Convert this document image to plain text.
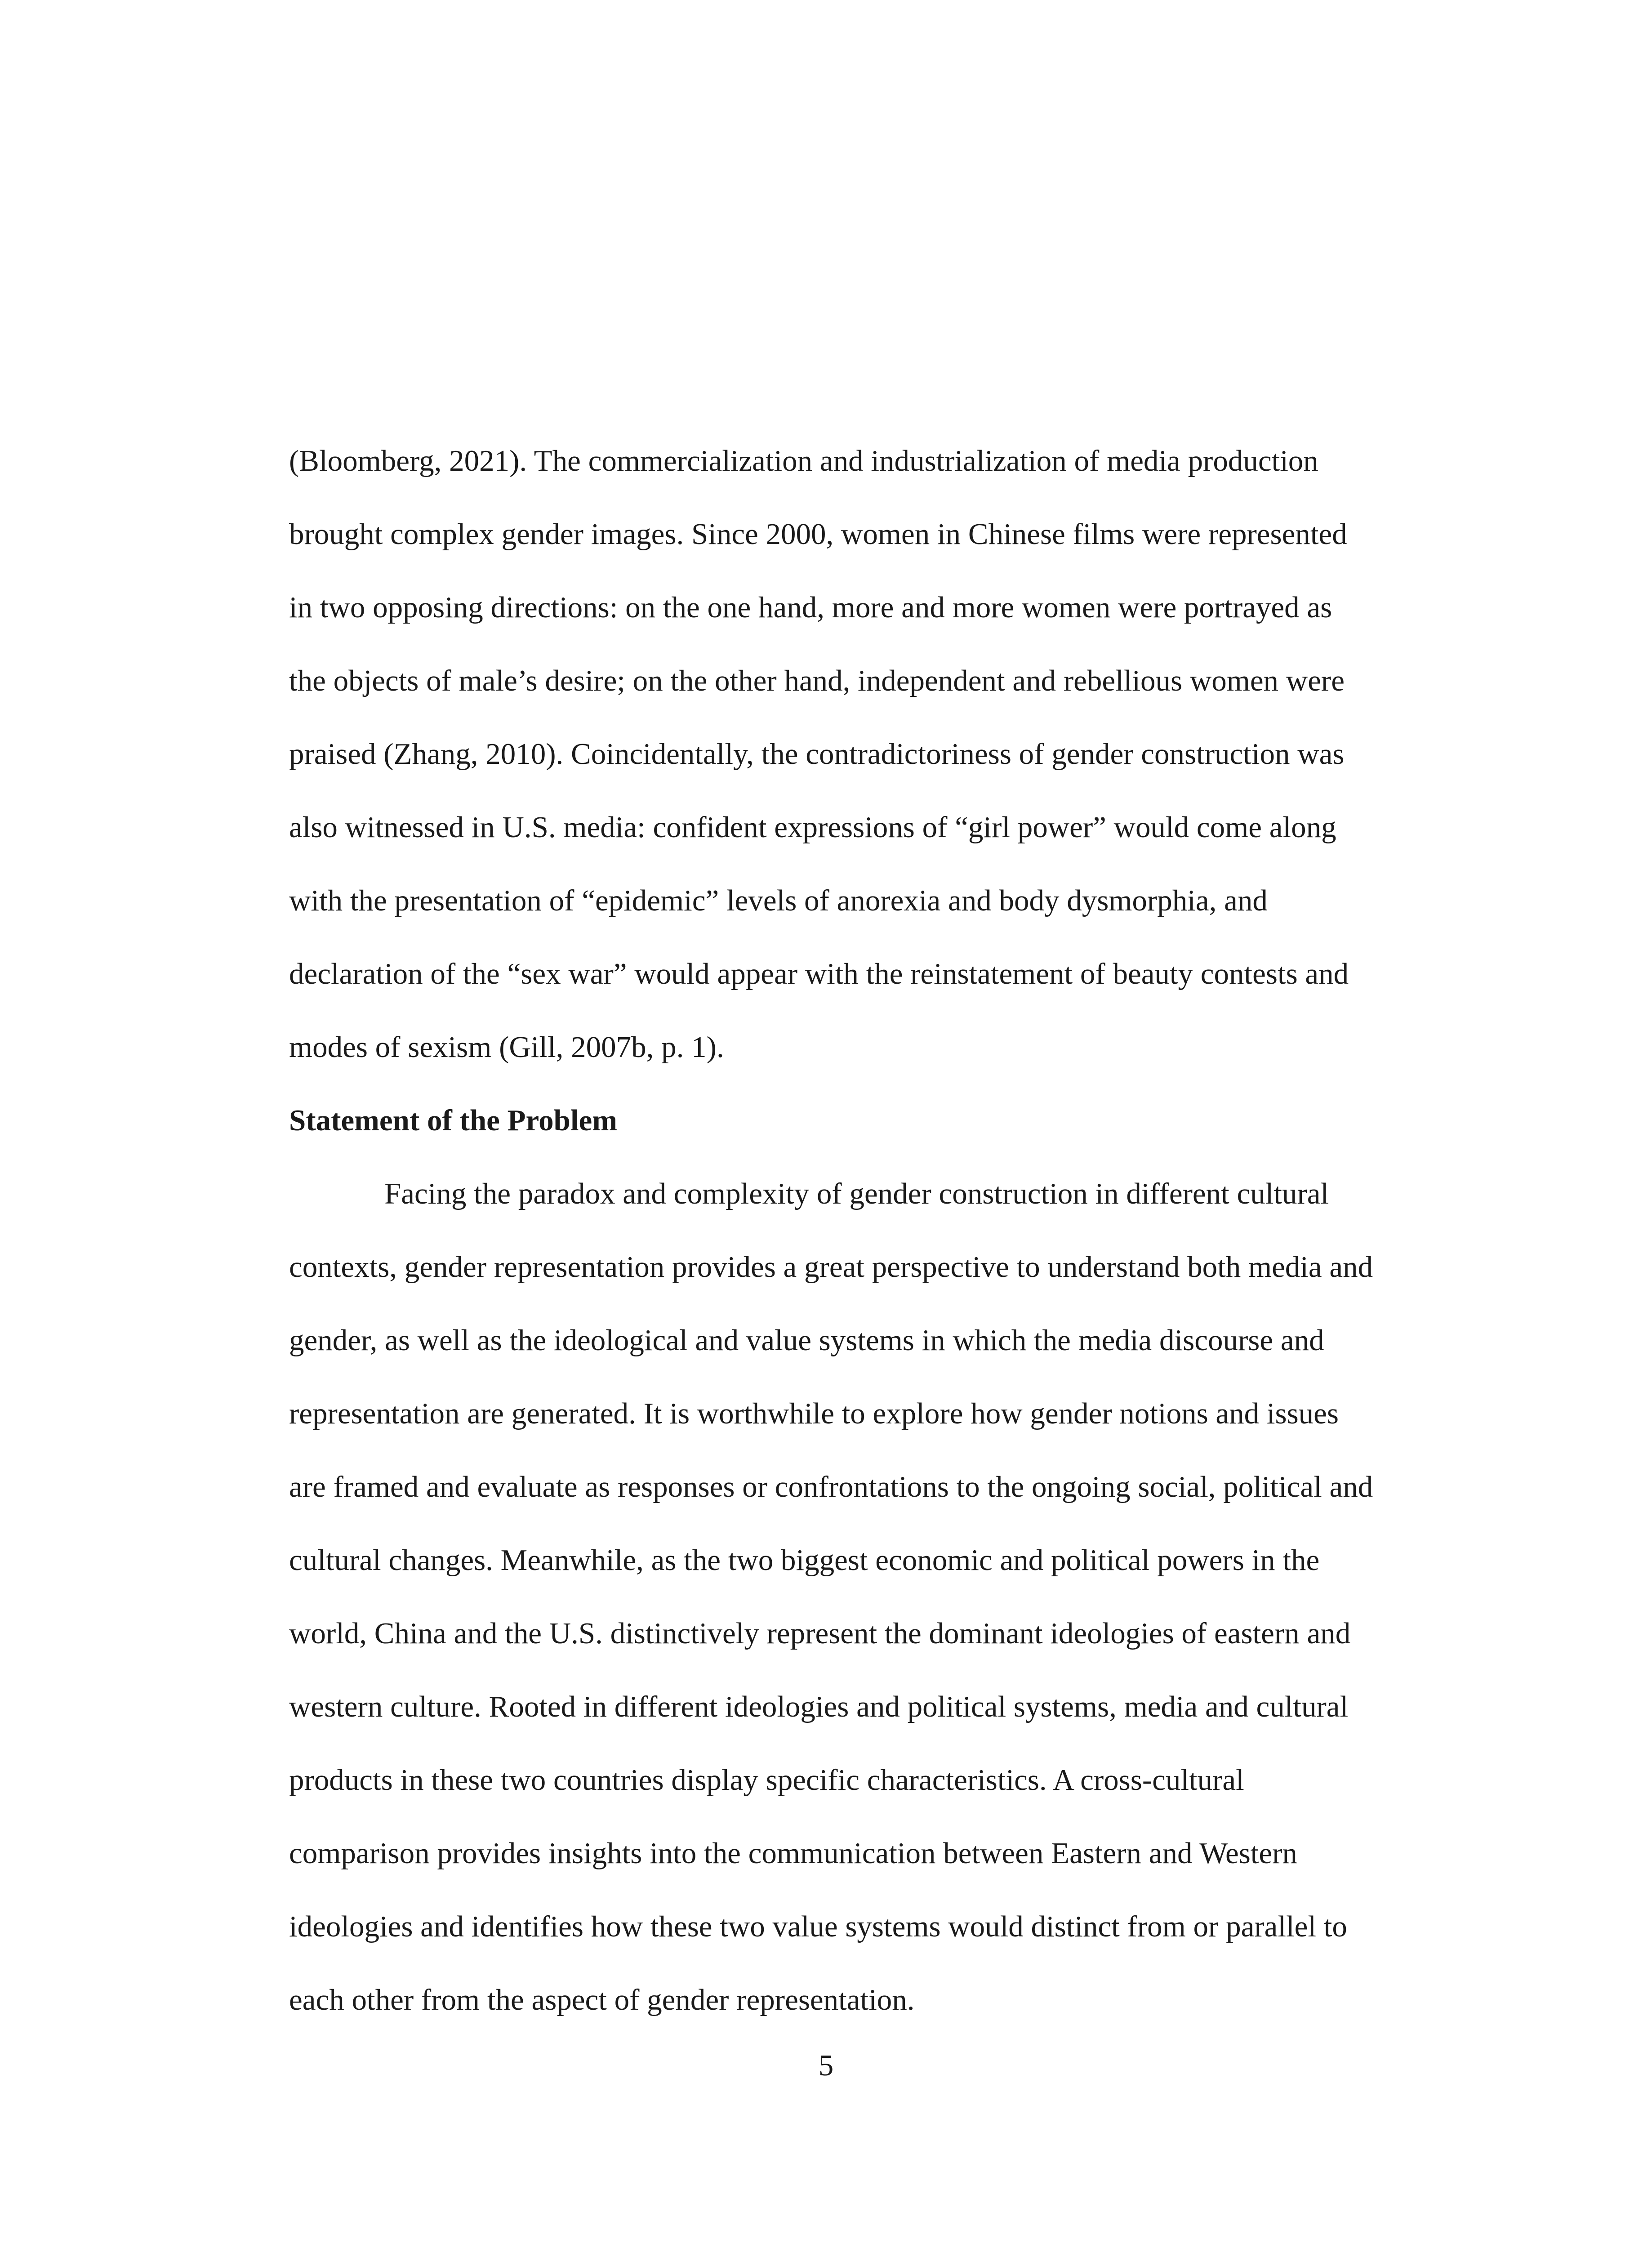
(Bloomberg, 2021). The commercialization and industrialization of media production
brought complex gender images. Since 2000, women in Chinese films were represented
in two opposing directions: on the one hand, more and more women were portrayed as
the objects of male’s desire; on the other hand, independent and rebellious women were
praised (Zhang, 2010). Coincidentally, the contradictoriness of gender construction was
also witnessed in U.S. media: confident expressions of “girl power” would come along
with the presentation of “epidemic” levels of anorexia and body dysmorphia, and
declaration of the “sex war” would appear with the reinstatement of beauty contests and
modes of sexism (Gill, 2007b, p. 1).
Statement of the Problem
Facing the paradox and complexity of gender construction in different cultural
contexts, gender representation provides a great perspective to understand both media and
gender, as well as the ideological and value systems in which the media discourse and
representation are generated. It is worthwhile to explore how gender notions and issues
are framed and evaluate as responses or confrontations to the ongoing social, political and
cultural changes. Meanwhile, as the two biggest economic and political powers in the
world, China and the U.S. distinctively represent the dominant ideologies of eastern and
western culture. Rooted in different ideologies and political systems, media and cultural
products in these two countries display specific characteristics. A cross-cultural
comparison provides insights into the communication between Eastern and Western
ideologies and identifies how these two value systems would distinct from or parallel to
each other from the aspect of gender representation.
5
